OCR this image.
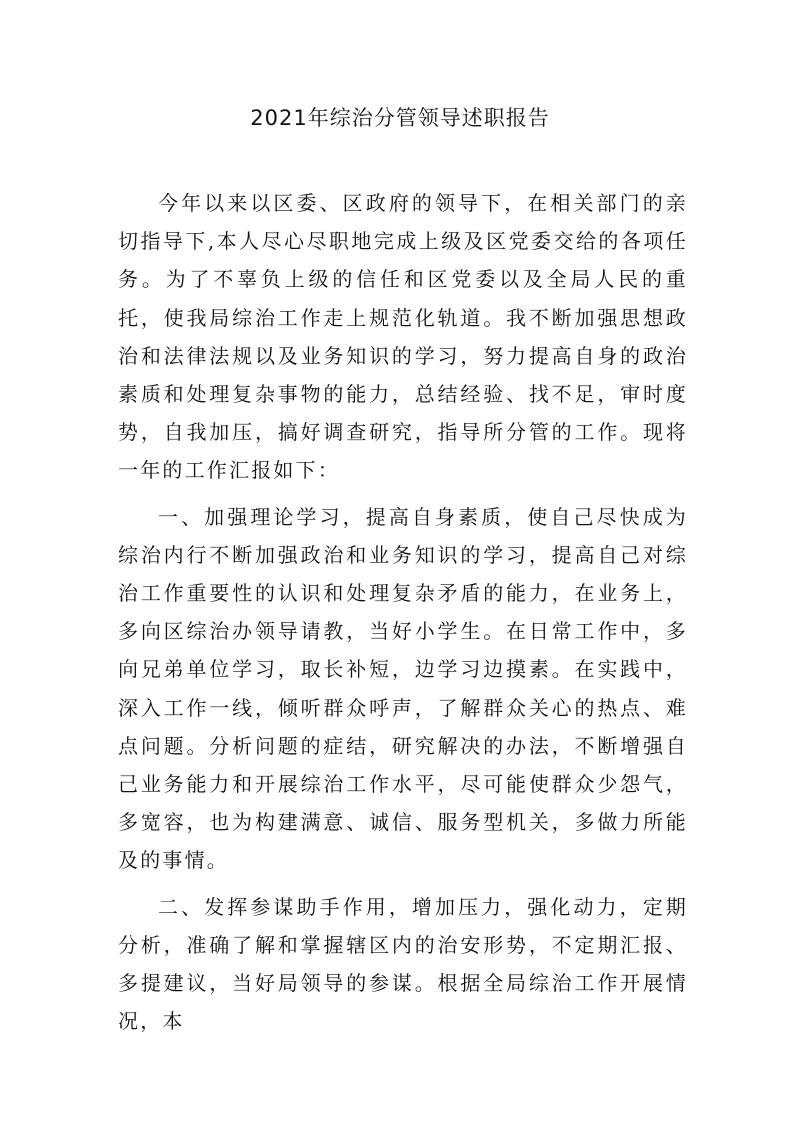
2021年综治分管领导述职报告

今年以来以区委、区政府的领导下，在相关部门的亲切指导下,本人尽心尽职地完成上级及区党委交给的各项任务。为了不辜负上级的信任和区党委以及全局人民的重托，使我局综治工作走上规范化轨道。我不断加强思想政治和法律法规以及业务知识的学习，努力提高自身的政治素质和处理复杂事物的能力，总结经验、找不足，审时度势，自我加压，搞好调查研究，指导所分管的工作。现将一年的工作汇报如下：

一、加强理论学习，提高自身素质，使自己尽快成为综治内行不断加强政治和业务知识的学习，提高自己对综治工作重要性的认识和处理复杂矛盾的能力，在业务上，多向区综治办领导请教，当好小学生。在日常工作中，多向兄弟单位学习，取长补短，边学习边摸素。在实践中，深入工作一线，倾听群众呼声，了解群众关心的热点、难点问题。分析问题的症结，研究解决的办法，不断增强自己业务能力和开展综治工作水平，尽可能使群众少怨气，多宽容，也为构建满意、诚信、服务型机关，多做力所能及的事情。

二、发挥参谋助手作用，增加压力，强化动力，定期分析，准确了解和掌握辖区内的治安形势，不定期汇报、多提建议，当好局领导的参谋。根据全局综治工作开展情况，本
